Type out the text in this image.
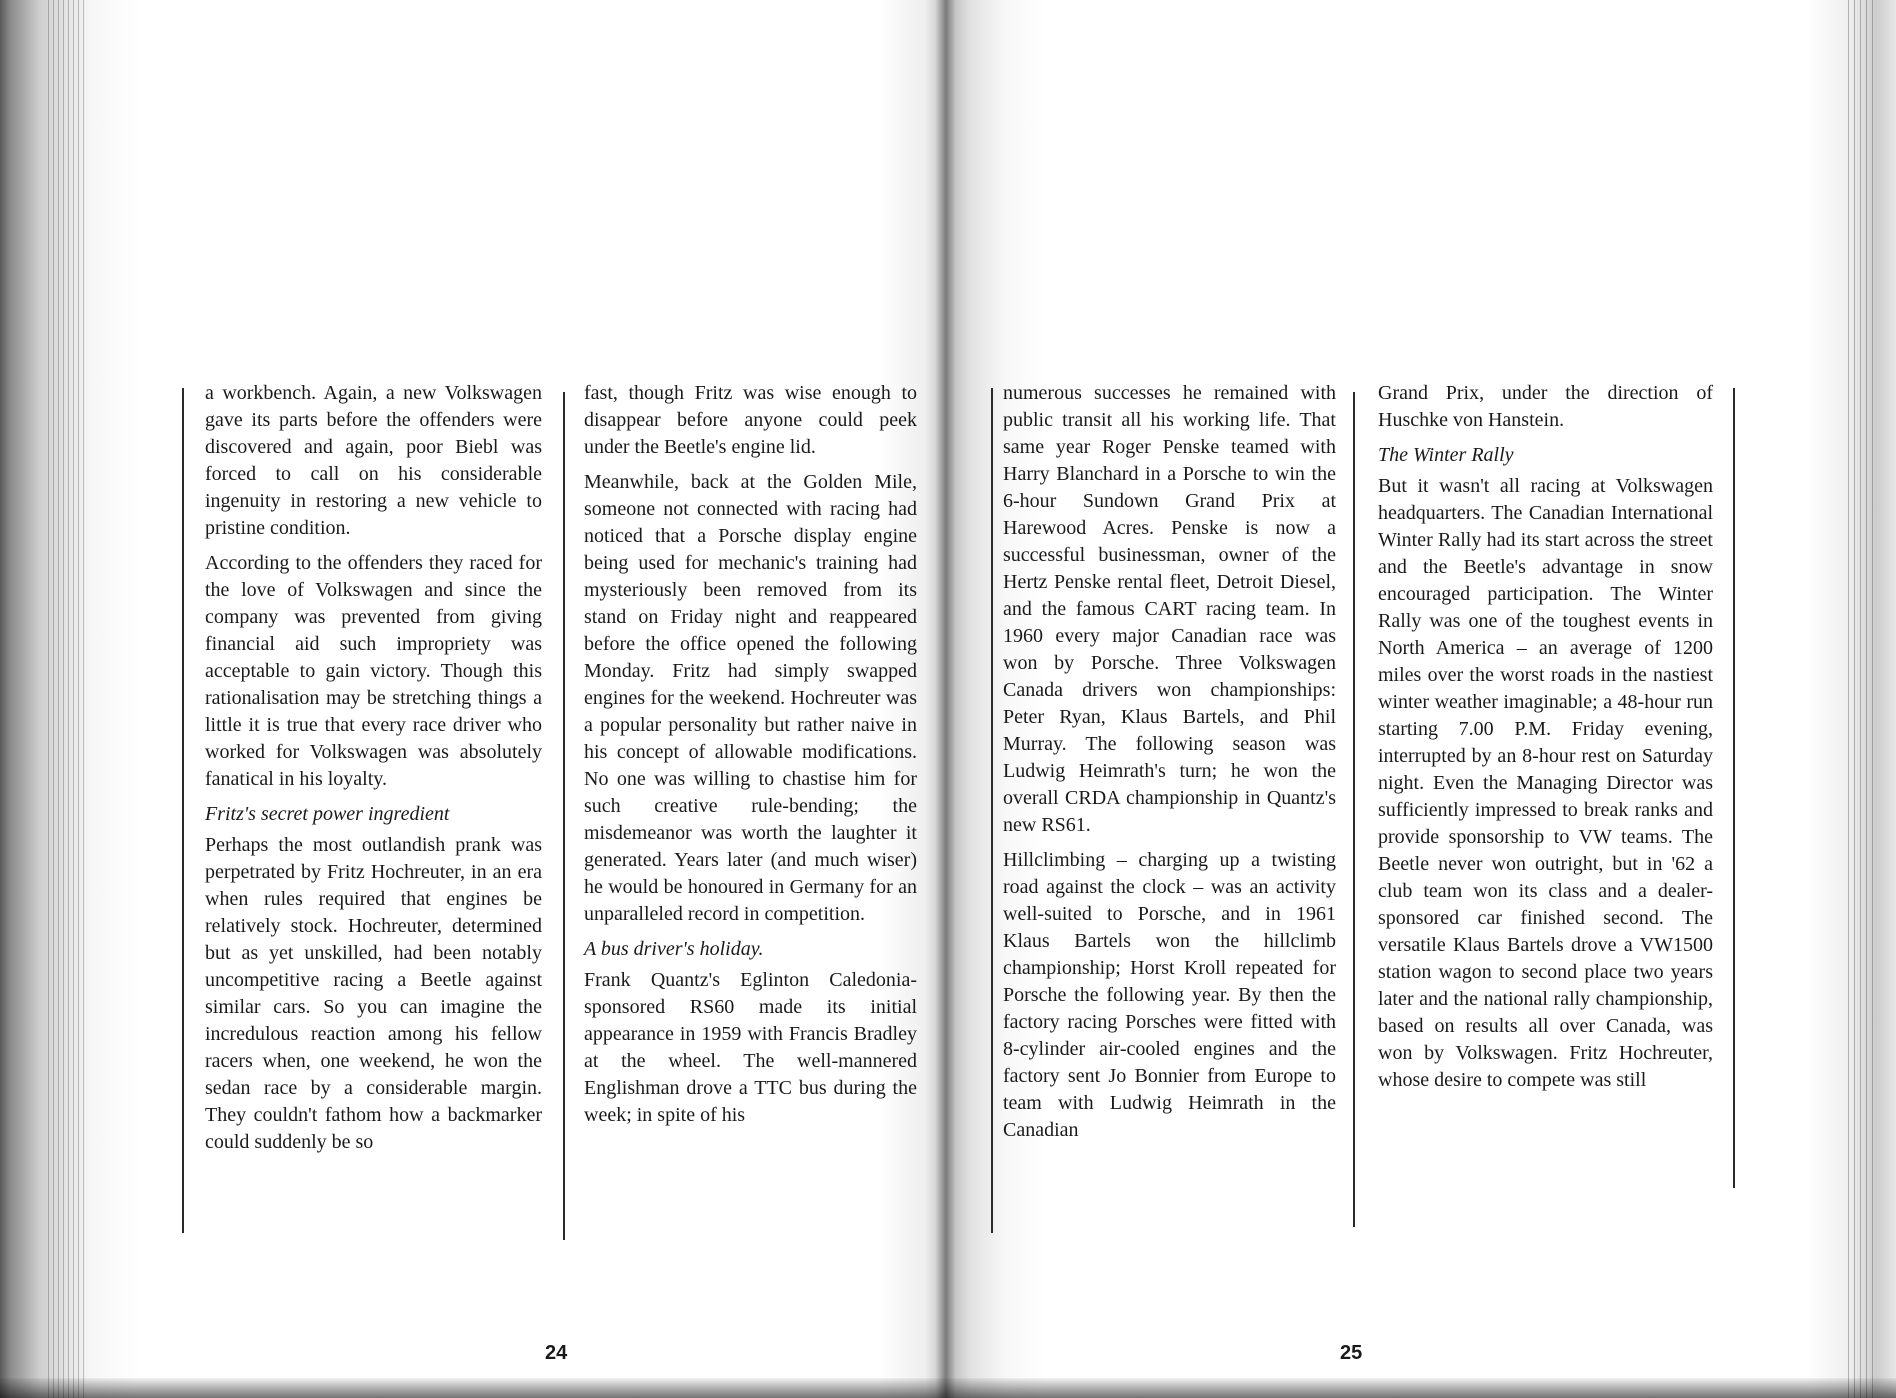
a workbench. Again, a new Volkswagen gave its parts before the offenders were discovered and again, poor Biebl was forced to call on his considerable ingenuity in restoring a new vehicle to pristine condition.

According to the offenders they raced for the love of Volkswagen and since the company was prevented from giving financial aid such impropriety was acceptable to gain victory. Though this rationalisation may be stretching things a little it is true that every race driver who worked for Volkswagen was absolutely fanatical in his loyalty.

Fritz's secret power ingredient

Perhaps the most outlandish prank was perpetrated by Fritz Hochreuter, in an era when rules required that engines be relatively stock. Hochreuter, determined but as yet unskilled, had been notably uncompetitive racing a Beetle against similar cars. So you can imagine the incredulous reaction among his fellow racers when, one weekend, he won the sedan race by a considerable margin. They couldn't fathom how a backmarker could suddenly be so

fast, though Fritz was wise enough to disappear before anyone could peek under the Beetle's engine lid.

Meanwhile, back at the Golden Mile, someone not connected with racing had noticed that a Porsche display engine being used for mechanic's training had mysteriously been removed from its stand on Friday night and reappeared before the office opened the following Monday. Fritz had simply swapped engines for the weekend. Hochreuter was a popular personality but rather naive in his concept of allowable modifications. No one was willing to chastise him for such creative rule-bending; the misdemeanor was worth the laughter it generated. Years later (and much wiser) he would be honoured in Germany for an unparalleled record in competition.

A bus driver's holiday.

Frank Quantz's Eglinton Caledonia-sponsored RS60 made its initial appearance in 1959 with Francis Bradley at the wheel. The well-mannered Englishman drove a TTC bus during the week; in spite of his

24

numerous successes he remained with public transit all his working life. That same year Roger Penske teamed with Harry Blanchard in a Porsche to win the 6-hour Sundown Grand Prix at Harewood Acres. Penske is now a successful businessman, owner of the Hertz Penske rental fleet, Detroit Diesel, and the famous CART racing team. In 1960 every major Canadian race was won by Porsche. Three Volkswagen Canada drivers won championships: Peter Ryan, Klaus Bartels, and Phil Murray. The following season was Ludwig Heimrath's turn; he won the overall CRDA championship in Quantz's new RS61.

Hillclimbing – charging up a twisting road against the clock – was an activity well-suited to Porsche, and in 1961 Klaus Bartels won the hillclimb championship; Horst Kroll repeated for Porsche the following year. By then the factory racing Porsches were fitted with 8-cylinder air-cooled engines and the factory sent Jo Bonnier from Europe to team with Ludwig Heimrath in the Canadian

Grand Prix, under the direction of Huschke von Hanstein.

The Winter Rally

But it wasn't all racing at Volkswagen headquarters. The Canadian International Winter Rally had its start across the street and the Beetle's advantage in snow encouraged participation. The Winter Rally was one of the toughest events in North America – an average of 1200 miles over the worst roads in the nastiest winter weather imaginable; a 48-hour run starting 7.00 P.M. Friday evening, interrupted by an 8-hour rest on Saturday night. Even the Managing Director was sufficiently impressed to break ranks and provide sponsorship to VW teams. The Beetle never won outright, but in '62 a club team won its class and a dealer-sponsored car finished second. The versatile Klaus Bartels drove a VW1500 station wagon to second place two years later and the national rally championship, based on results all over Canada, was won by Volkswagen. Fritz Hochreuter, whose desire to compete was still

25
